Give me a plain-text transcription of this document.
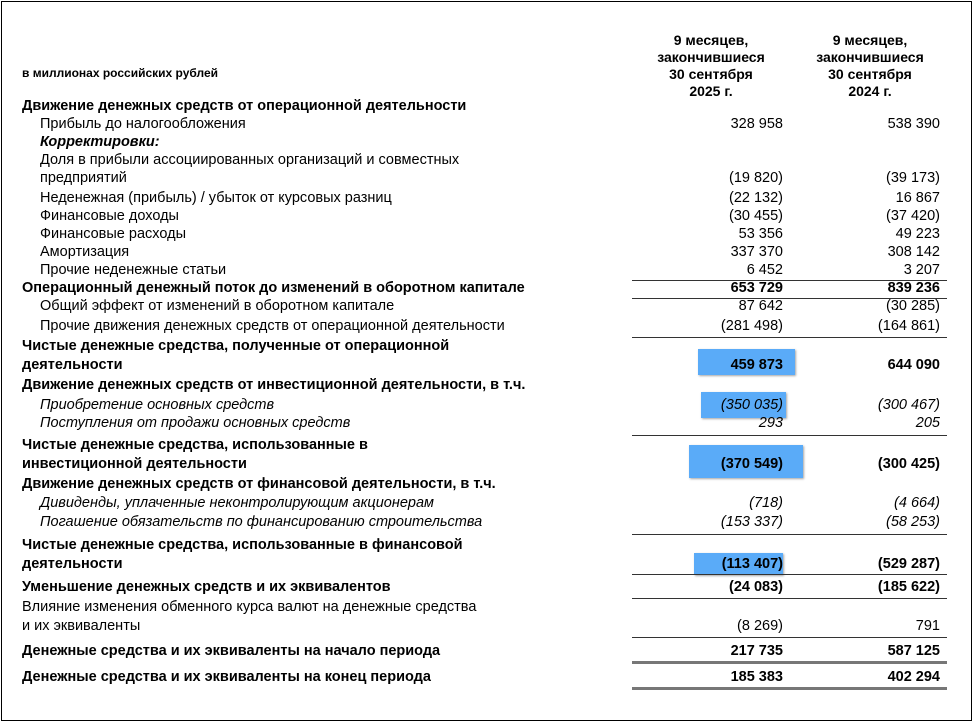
в миллионах российских рублей
9 месяцев,
закончившиеся
30 сентября
2025 г.
9 месяцев,
закончившиеся
30 сентября
2024 г.
Движение денежных средств от операционной деятельности
Прибыль до налогообложения	328 958	538 390
Корректировки:
Доля в прибыли ассоциированных организаций и совместных
предприятий	(19 820)	(39 173)
Неденежная (прибыль) / убыток от курсовых разниц	(22 132)	16 867
Финансовые доходы	(30 455)	(37 420)
Финансовые расходы	53 356	49 223
Амортизация	337 370	308 142
Прочие неденежные статьи	6 452	3 207
Операционный денежный поток до изменений в оборотном капитале	653 729	839 236
Общий эффект от изменений в оборотном капитале	87 642	(30 285)
Прочие движения денежных средств от операционной деятельности	(281 498)	(164 861)
Чистые денежные средства, полученные от операционной
деятельности	459 873	644 090
Движение денежных средств от инвестиционной деятельности, в т.ч.
Приобретение основных средств	(350 035)	(300 467)
Поступления от продажи основных средств	293	205
Чистые денежные средства, использованные в
инвестиционной деятельности	(370 549)	(300 425)
Движение денежных средств от финансовой деятельности, в т.ч.
Дивиденды, уплаченные неконтролирующим акционерам	(718)	(4 664)
Погашение обязательств по финансированию строительства	(153 337)	(58 253)
Чистые денежные средства, использованные в финансовой
деятельности	(113 407)	(529 287)
Уменьшение денежных средств и их эквивалентов	(24 083)	(185 622)
Влияние изменения обменного курса валют на денежные средства
и их эквиваленты	(8 269)	791
Денежные средства и их эквиваленты на начало периода	217 735	587 125
Денежные средства и их эквиваленты на конец периода	185 383	402 294
